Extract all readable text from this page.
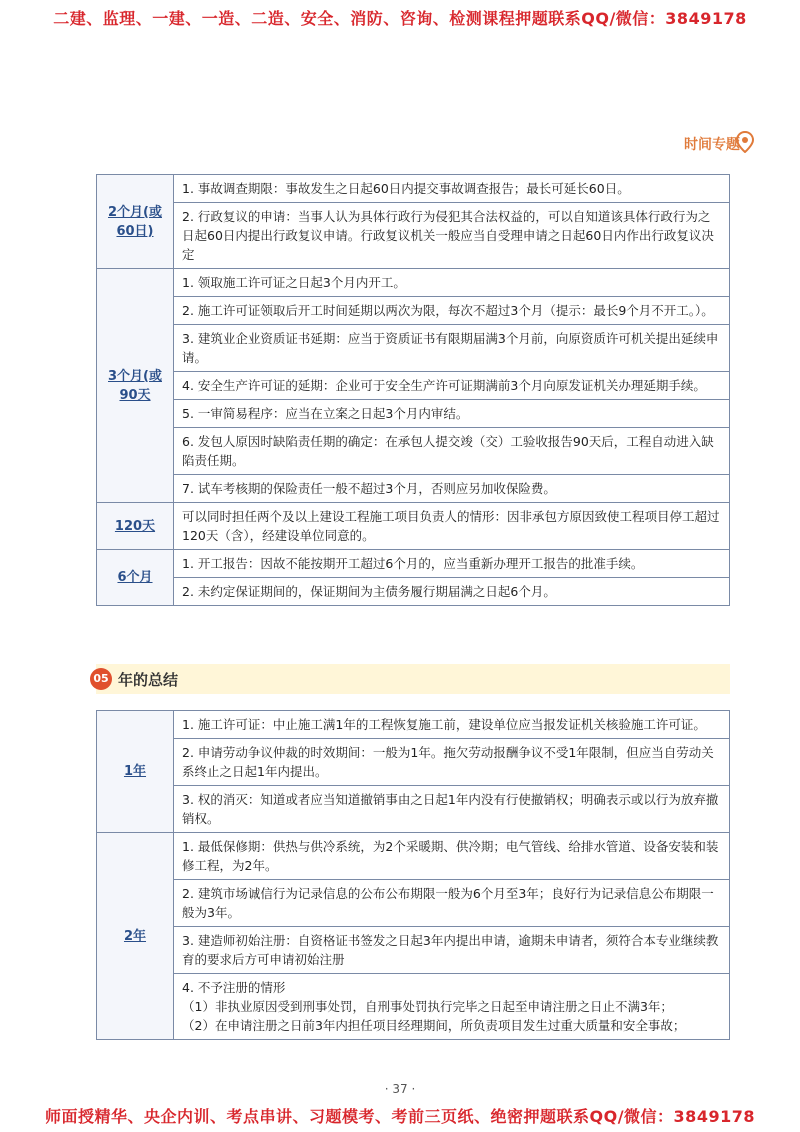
二建、监理、一建、一造、二造、安全、消防、咨询、检测课程押题联系QQ/微信：3849178
时间专题
2个月(或60日)	1. 事故调查期限：事故发生之日起60日内提交事故调查报告；最长可延长60日。
	2. 行政复议的申请：当事人认为具体行政行为侵犯其合法权益的，可以自知道该具体行政行为之日起60日内提出行政复议申请。行政复议机关一般应当自受理申请之日起60日内作出行政复议决定
3个月(或90天	1. 领取施工许可证之日起3个月内开工。
	2. 施工许可证领取后开工时间延期以两次为限，每次不超过3个月（提示：最长9个月不开工。）。
	3. 建筑业企业资质证书延期：应当于资质证书有限期届满3个月前，向原资质许可机关提出延续申请。
	4. 安全生产许可证的延期：企业可于安全生产许可证期满前3个月向原发证机关办理延期手续。
	5. 一审简易程序：应当在立案之日起3个月内审结。
	6. 发包人原因时缺陷责任期的确定：在承包人提交竣（交）工验收报告90天后，工程自动进入缺陷责任期。
	7. 试车考核期的保险责任一般不超过3个月，否则应另加收保险费。
120天	可以同时担任两个及以上建设工程施工项目负责人的情形：因非承包方原因致使工程项目停工超过120天（含），经建设单位同意的。
6个月	1. 开工报告：因故不能按期开工超过6个月的，应当重新办理开工报告的批准手续。
	2. 未约定保证期间的，保证期间为主债务履行期届满之日起6个月。
05 年的总结
1年	1. 施工许可证：中止施工满1年的工程恢复施工前，建设单位应当报发证机关核验施工许可证。
	2. 申请劳动争议仲裁的时效期间：一般为1年。拖欠劳动报酬争议不受1年限制，但应当自劳动关系终止之日起1年内提出。
	3. 权的消灭：知道或者应当知道撤销事由之日起1年内没有行使撤销权；明确表示或以行为放弃撤销权。
2年	1. 最低保修期：供热与供冷系统，为2个采暖期、供冷期；电气管线、给排水管道、设备安装和装修工程，为2年。
	2. 建筑市场诚信行为记录信息的公布公布期限一般为6个月至3年；良好行为记录信息公布期限一般为3年。
	3. 建造师初始注册：自资格证书签发之日起3年内提出申请，逾期未申请者，须符合本专业继续教育的要求后方可申请初始注册
	4. 不予注册的情形
（1）非执业原因受到刑事处罚，自刑事处罚执行完毕之日起至申请注册之日止不满3年；
（2）在申请注册之日前3年内担任项目经理期间，所负责项目发生过重大质量和安全事故；
· 37 ·
师面授精华、央企内训、考点串讲、习题模考、考前三页纸、绝密押题联系QQ/微信：3849178
